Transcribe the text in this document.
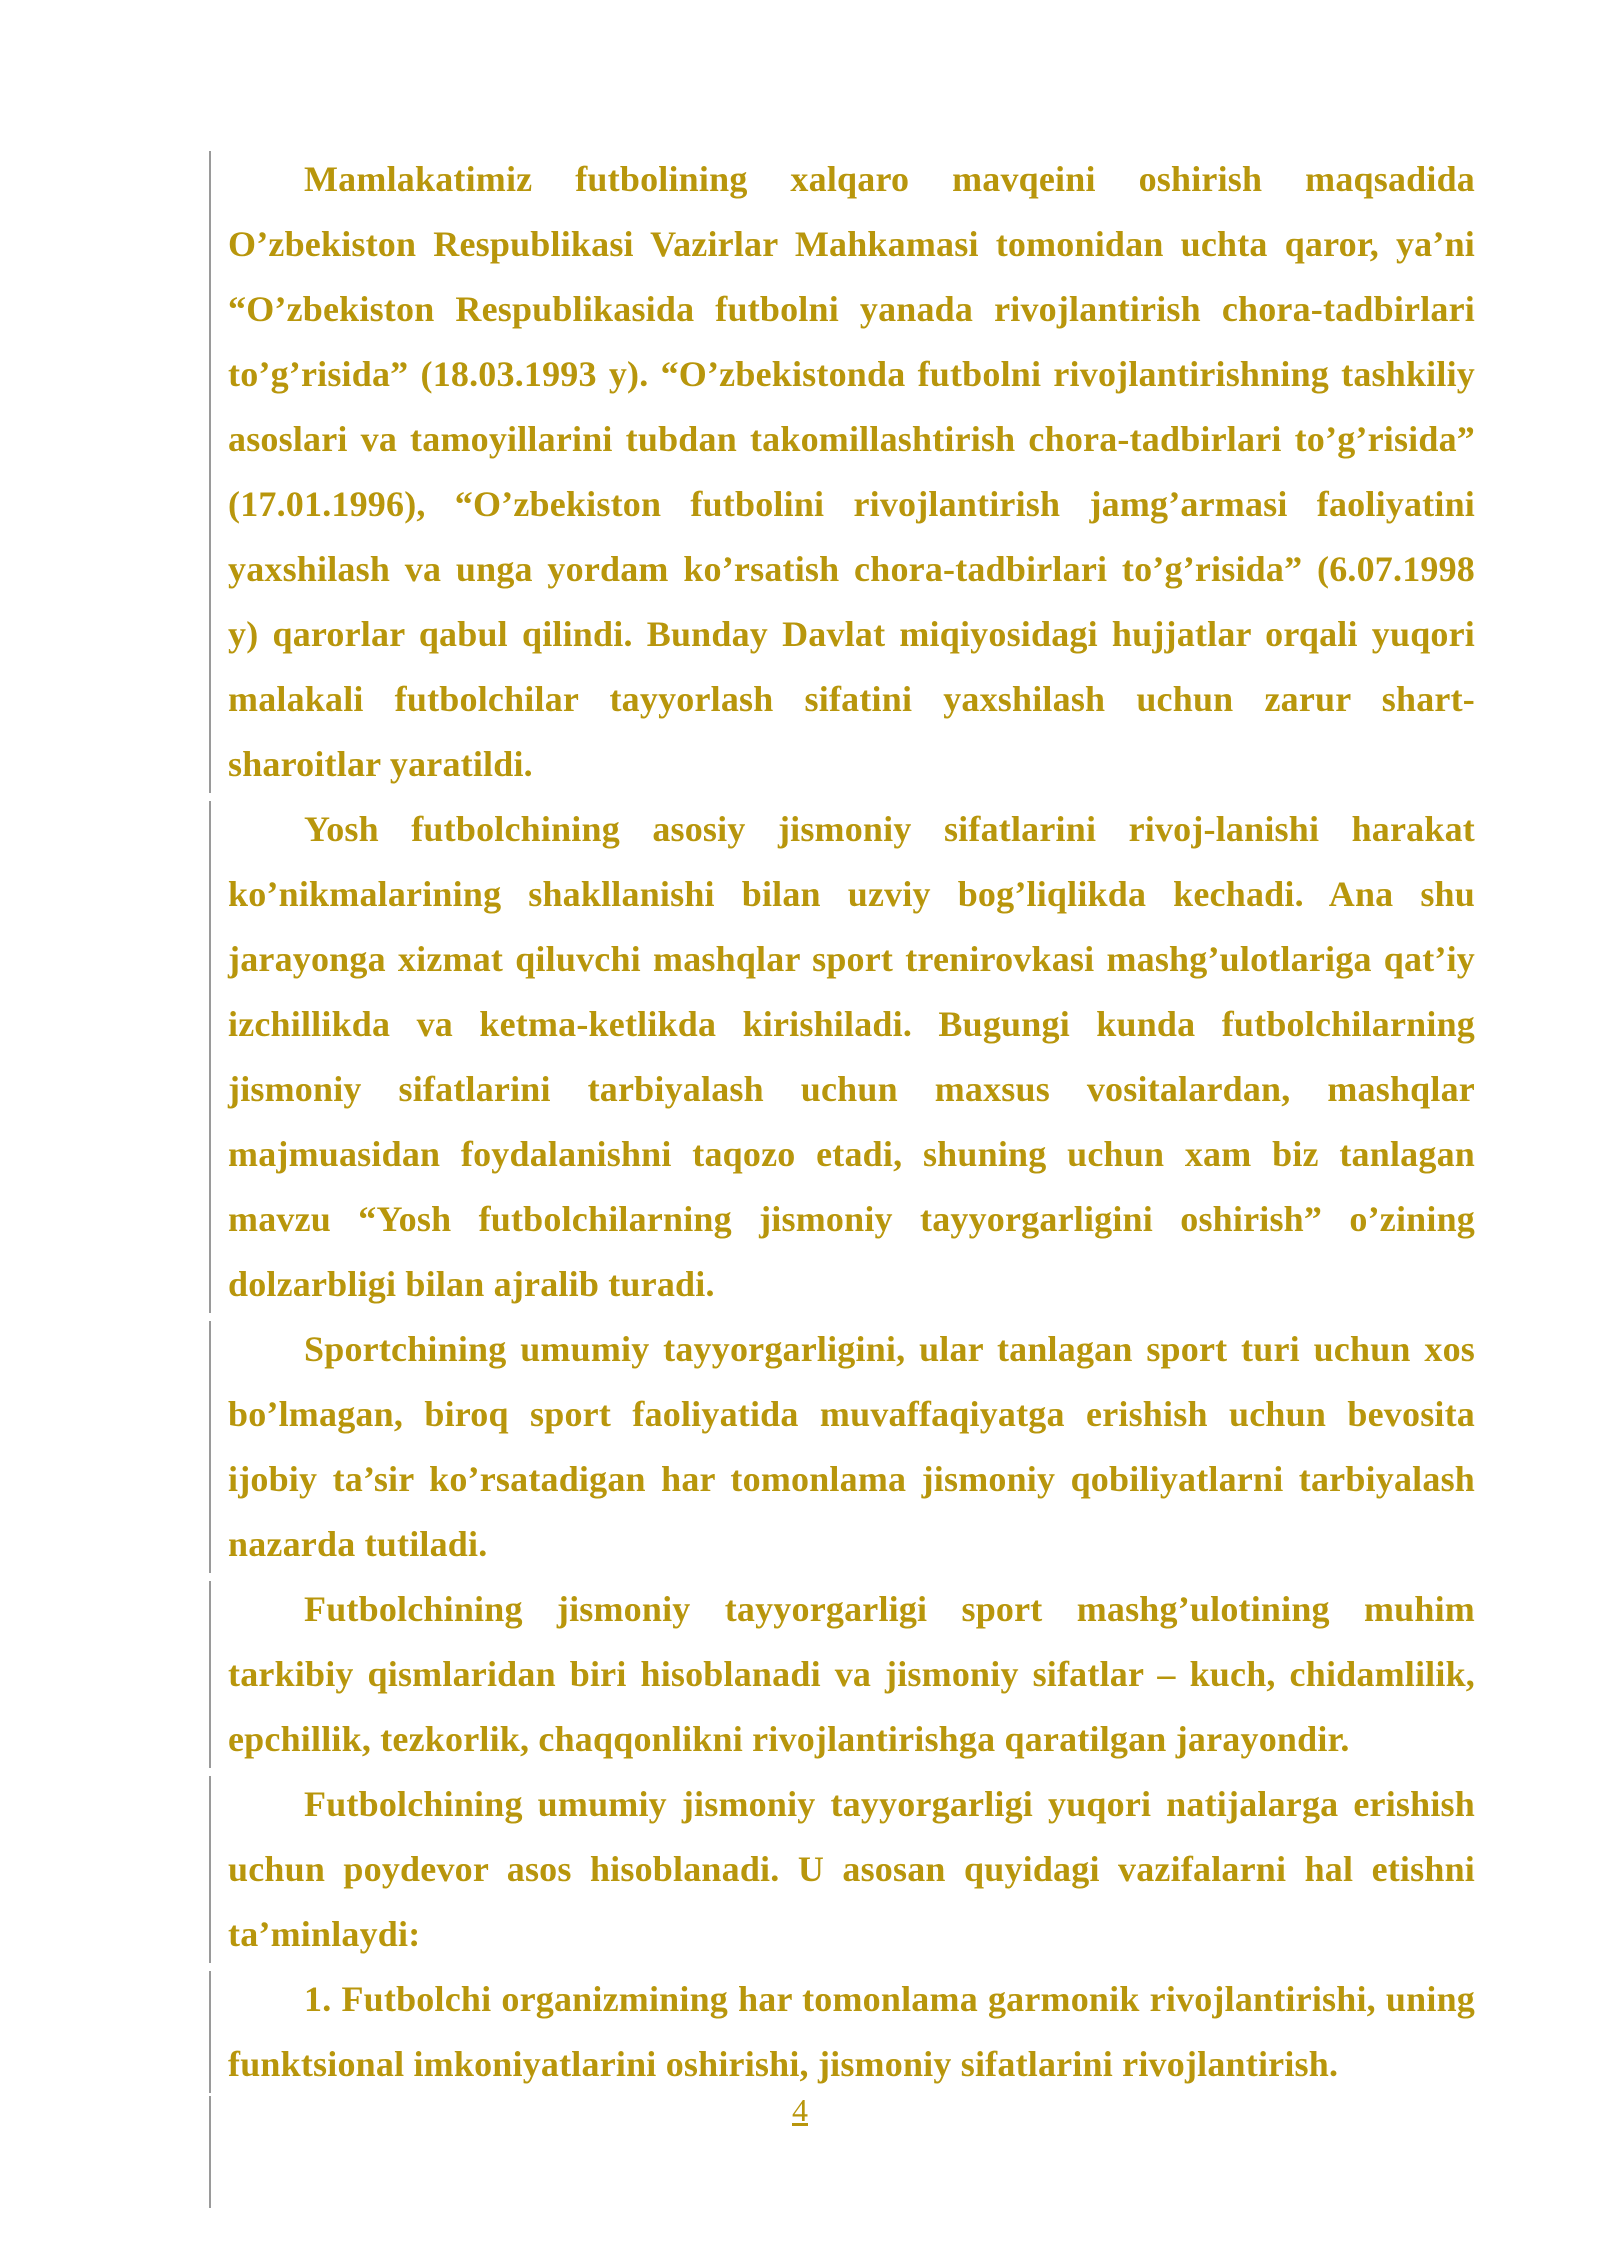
Mamlakatimiz futbolining xalqaro mavqeini oshirish maqsadida O’zbekiston Respublikasi Vazirlar Mahkamasi tomonidan uchta qaror, ya’ni “O’zbekiston Respublikasida futbolni yanada rivojlantirish chora-tadbirlari to’g’risida” (18.03.1993 y). “O’zbekistonda futbolni rivojlantirishning tashkiliy asoslari va tamoyillarini tubdan takomillashtirish chora-tadbirlari to’g’risida” (17.01.1996), “O’zbekiston futbolini rivojlantirish jamg’armasi faoliyatini yaxshilash va unga yordam ko’rsatish chora-tadbirlari to’g’risida” (6.07.1998 y) qarorlar qabul qilindi. Bunday Davlat miqiyosidagi hujjatlar orqali yuqori malakali futbolchilar tayyorlash sifatini yaxshilash uchun zarur shart-sharoitlar yaratildi.

Yosh futbolchining asosiy jismoniy sifatlarini rivoj-lanishi harakat ko’nikmalarining shakllanishi bilan uzviy bog’liqlikda kechadi. Ana shu jarayonga xizmat qiluvchi mashqlar sport trenirovkasi mashg’ulotlariga qat’iy izchillikda va ketma-ketlikda kirishiladi. Bugungi kunda futbolchilarning jismoniy sifatlarini tarbiyalash uchun maxsus vositalardan, mashqlar majmuasidan foydalanishni taqozo etadi, shuning uchun xam biz tanlagan mavzu “Yosh futbolchilarning jismoniy tayyorgarligini oshirish” o’zining dolzarbligi bilan ajralib turadi.

Sportchining umumiy tayyorgarligini, ular tanlagan sport turi uchun xos bo’lmagan, biroq sport faoliyatida muvaffaqiyatga erishish uchun bevosita ijobiy ta’sir ko’rsatadigan har tomonlama jismoniy qobiliyatlarni tarbiyalash nazarda tutiladi.

Futbolchining jismoniy tayyorgarligi sport mashg’ulotining muhim tarkibiy qismlaridan biri hisoblanadi va jismoniy sifatlar – kuch, chidamlilik, epchillik, tezkorlik, chaqqonlikni rivojlantirishga qaratilgan jarayondir.

Futbolchining umumiy jismoniy tayyorgarligi yuqori natijalarga erishish uchun poydevor asos hisoblanadi. U asosan quyidagi vazifalarni hal etishni ta’minlaydi:

1. Futbolchi organizmining har tomonlama garmonik rivojlantirishi, uning funktsional imkoniyatlarini oshirishi, jismoniy sifatlarini rivojlantirish.

4
